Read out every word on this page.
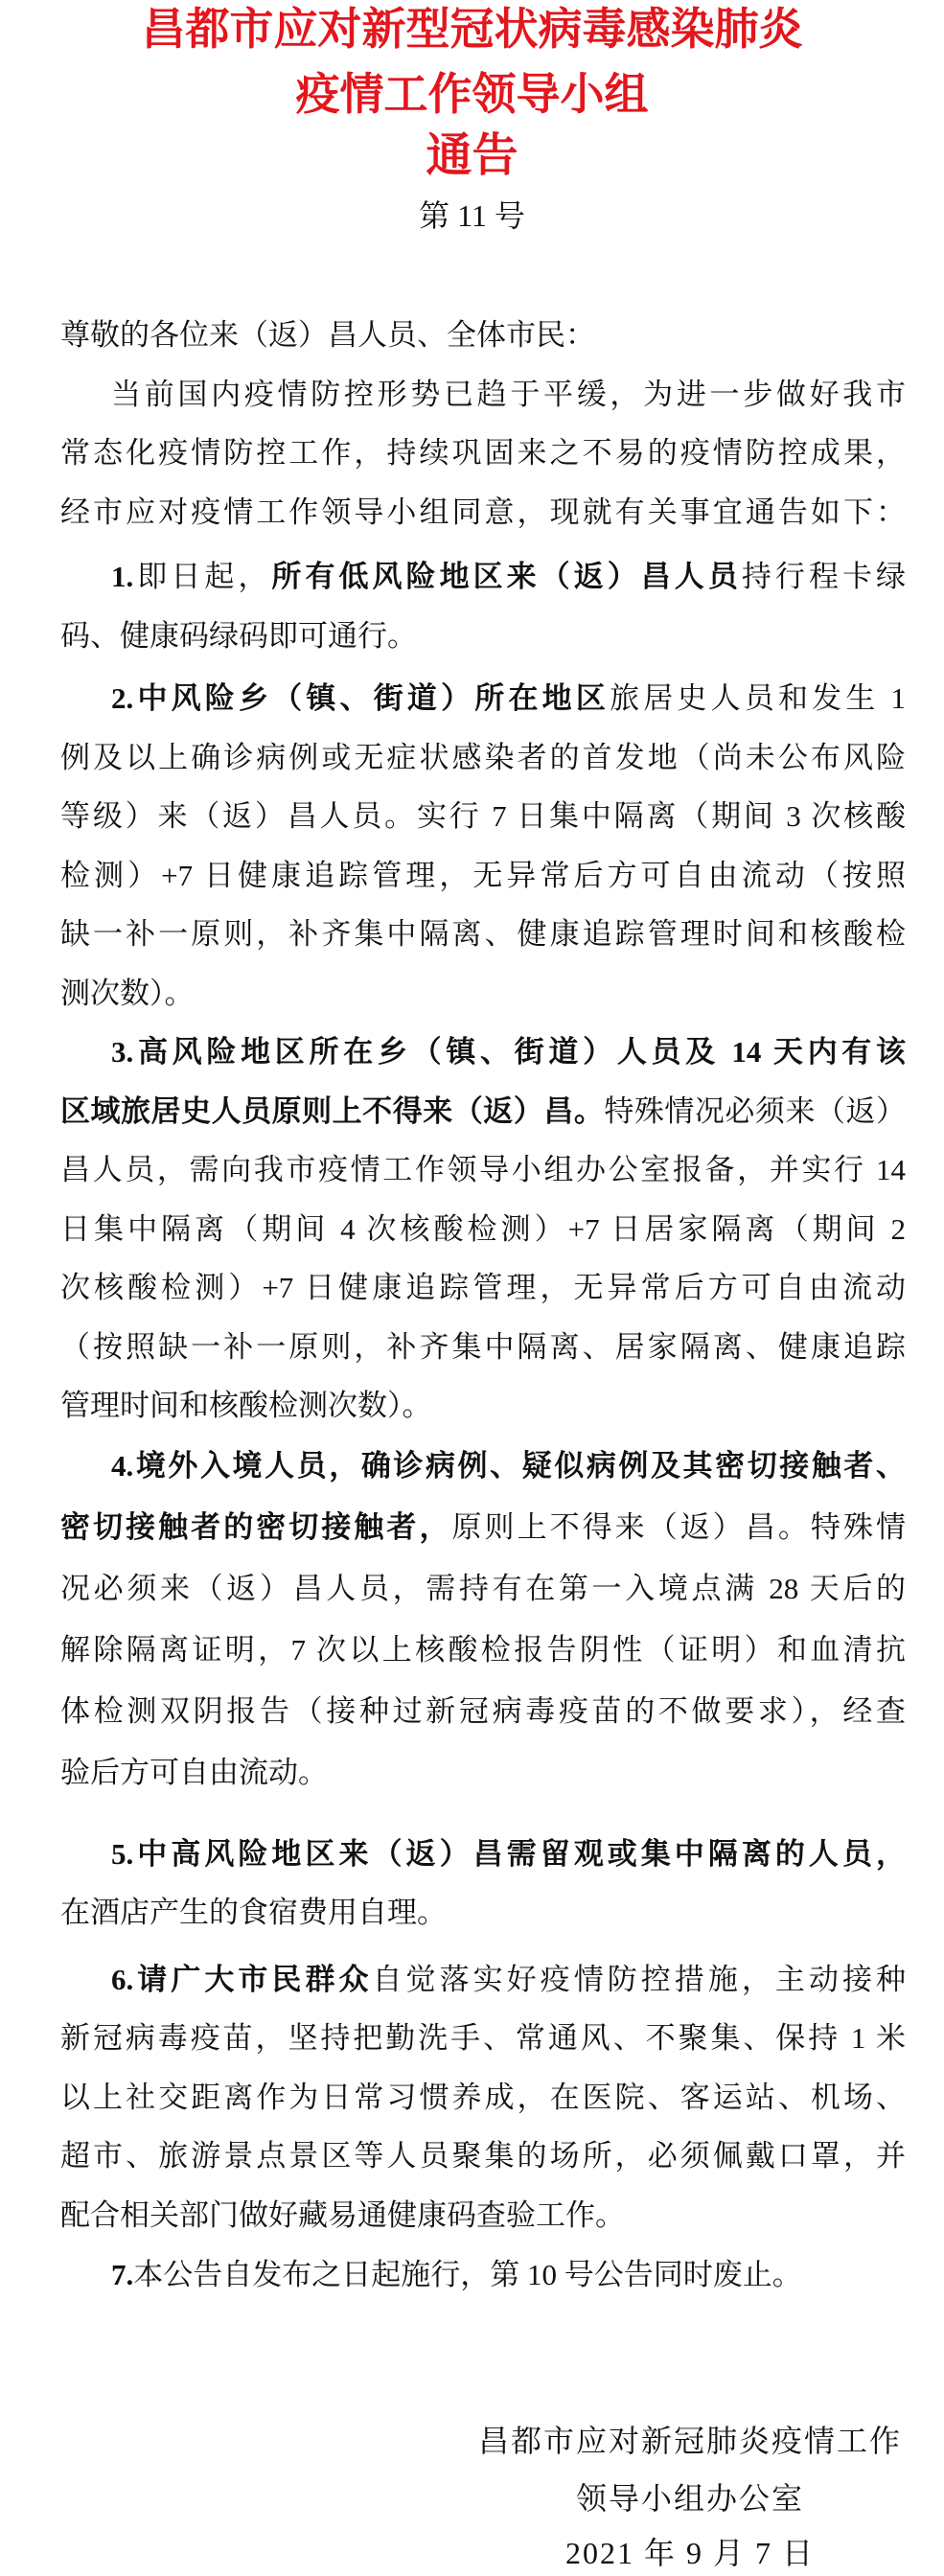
昌都市应对新型冠状病毒感染肺炎
疫情工作领导小组
通告
第 11 号
尊敬的各位来（返）昌人员、全体市民：
当前国内疫情防控形势已趋于平缓，为进一步做好我市
常态化疫情防控工作，持续巩固来之不易的疫情防控成果，
经市应对疫情工作领导小组同意，现就有关事宜通告如下：
1.即日起，所有低风险地区来（返）昌人员持行程卡绿
码、健康码绿码即可通行。
2.中风险乡（镇、街道）所在地区旅居史人员和发生 1
例及以上确诊病例或无症状感染者的首发地（尚未公布风险
等级）来（返）昌人员。实行 7 日集中隔离（期间 3 次核酸
检测）+7 日健康追踪管理，无异常后方可自由流动（按照
缺一补一原则，补齐集中隔离、健康追踪管理时间和核酸检
测次数）。
3.高风险地区所在乡（镇、街道）人员及 14 天内有该
区域旅居史人员原则上不得来（返）昌。特殊情况必须来（返）
昌人员，需向我市疫情工作领导小组办公室报备，并实行 14
日集中隔离（期间 4 次核酸检测）+7 日居家隔离（期间 2
次核酸检测）+7 日健康追踪管理，无异常后方可自由流动
（按照缺一补一原则，补齐集中隔离、居家隔离、健康追踪
管理时间和核酸检测次数）。
4.境外入境人员，确诊病例、疑似病例及其密切接触者、
密切接触者的密切接触者，原则上不得来（返）昌。特殊情
况必须来（返）昌人员，需持有在第一入境点满 28 天后的
解除隔离证明，7 次以上核酸检报告阴性（证明）和血清抗
体检测双阴报告（接种过新冠病毒疫苗的不做要求），经查
验后方可自由流动。
5.中高风险地区来（返）昌需留观或集中隔离的人员，
在酒店产生的食宿费用自理。
6.请广大市民群众自觉落实好疫情防控措施，主动接种
新冠病毒疫苗，坚持把勤洗手、常通风、不聚集、保持 1 米
以上社交距离作为日常习惯养成，在医院、客运站、机场、
超市、旅游景点景区等人员聚集的场所，必须佩戴口罩，并
配合相关部门做好藏易通健康码查验工作。
7.本公告自发布之日起施行，第 10 号公告同时废止。
昌都市应对新冠肺炎疫情工作
领导小组办公室
2021 年 9 月 7 日
